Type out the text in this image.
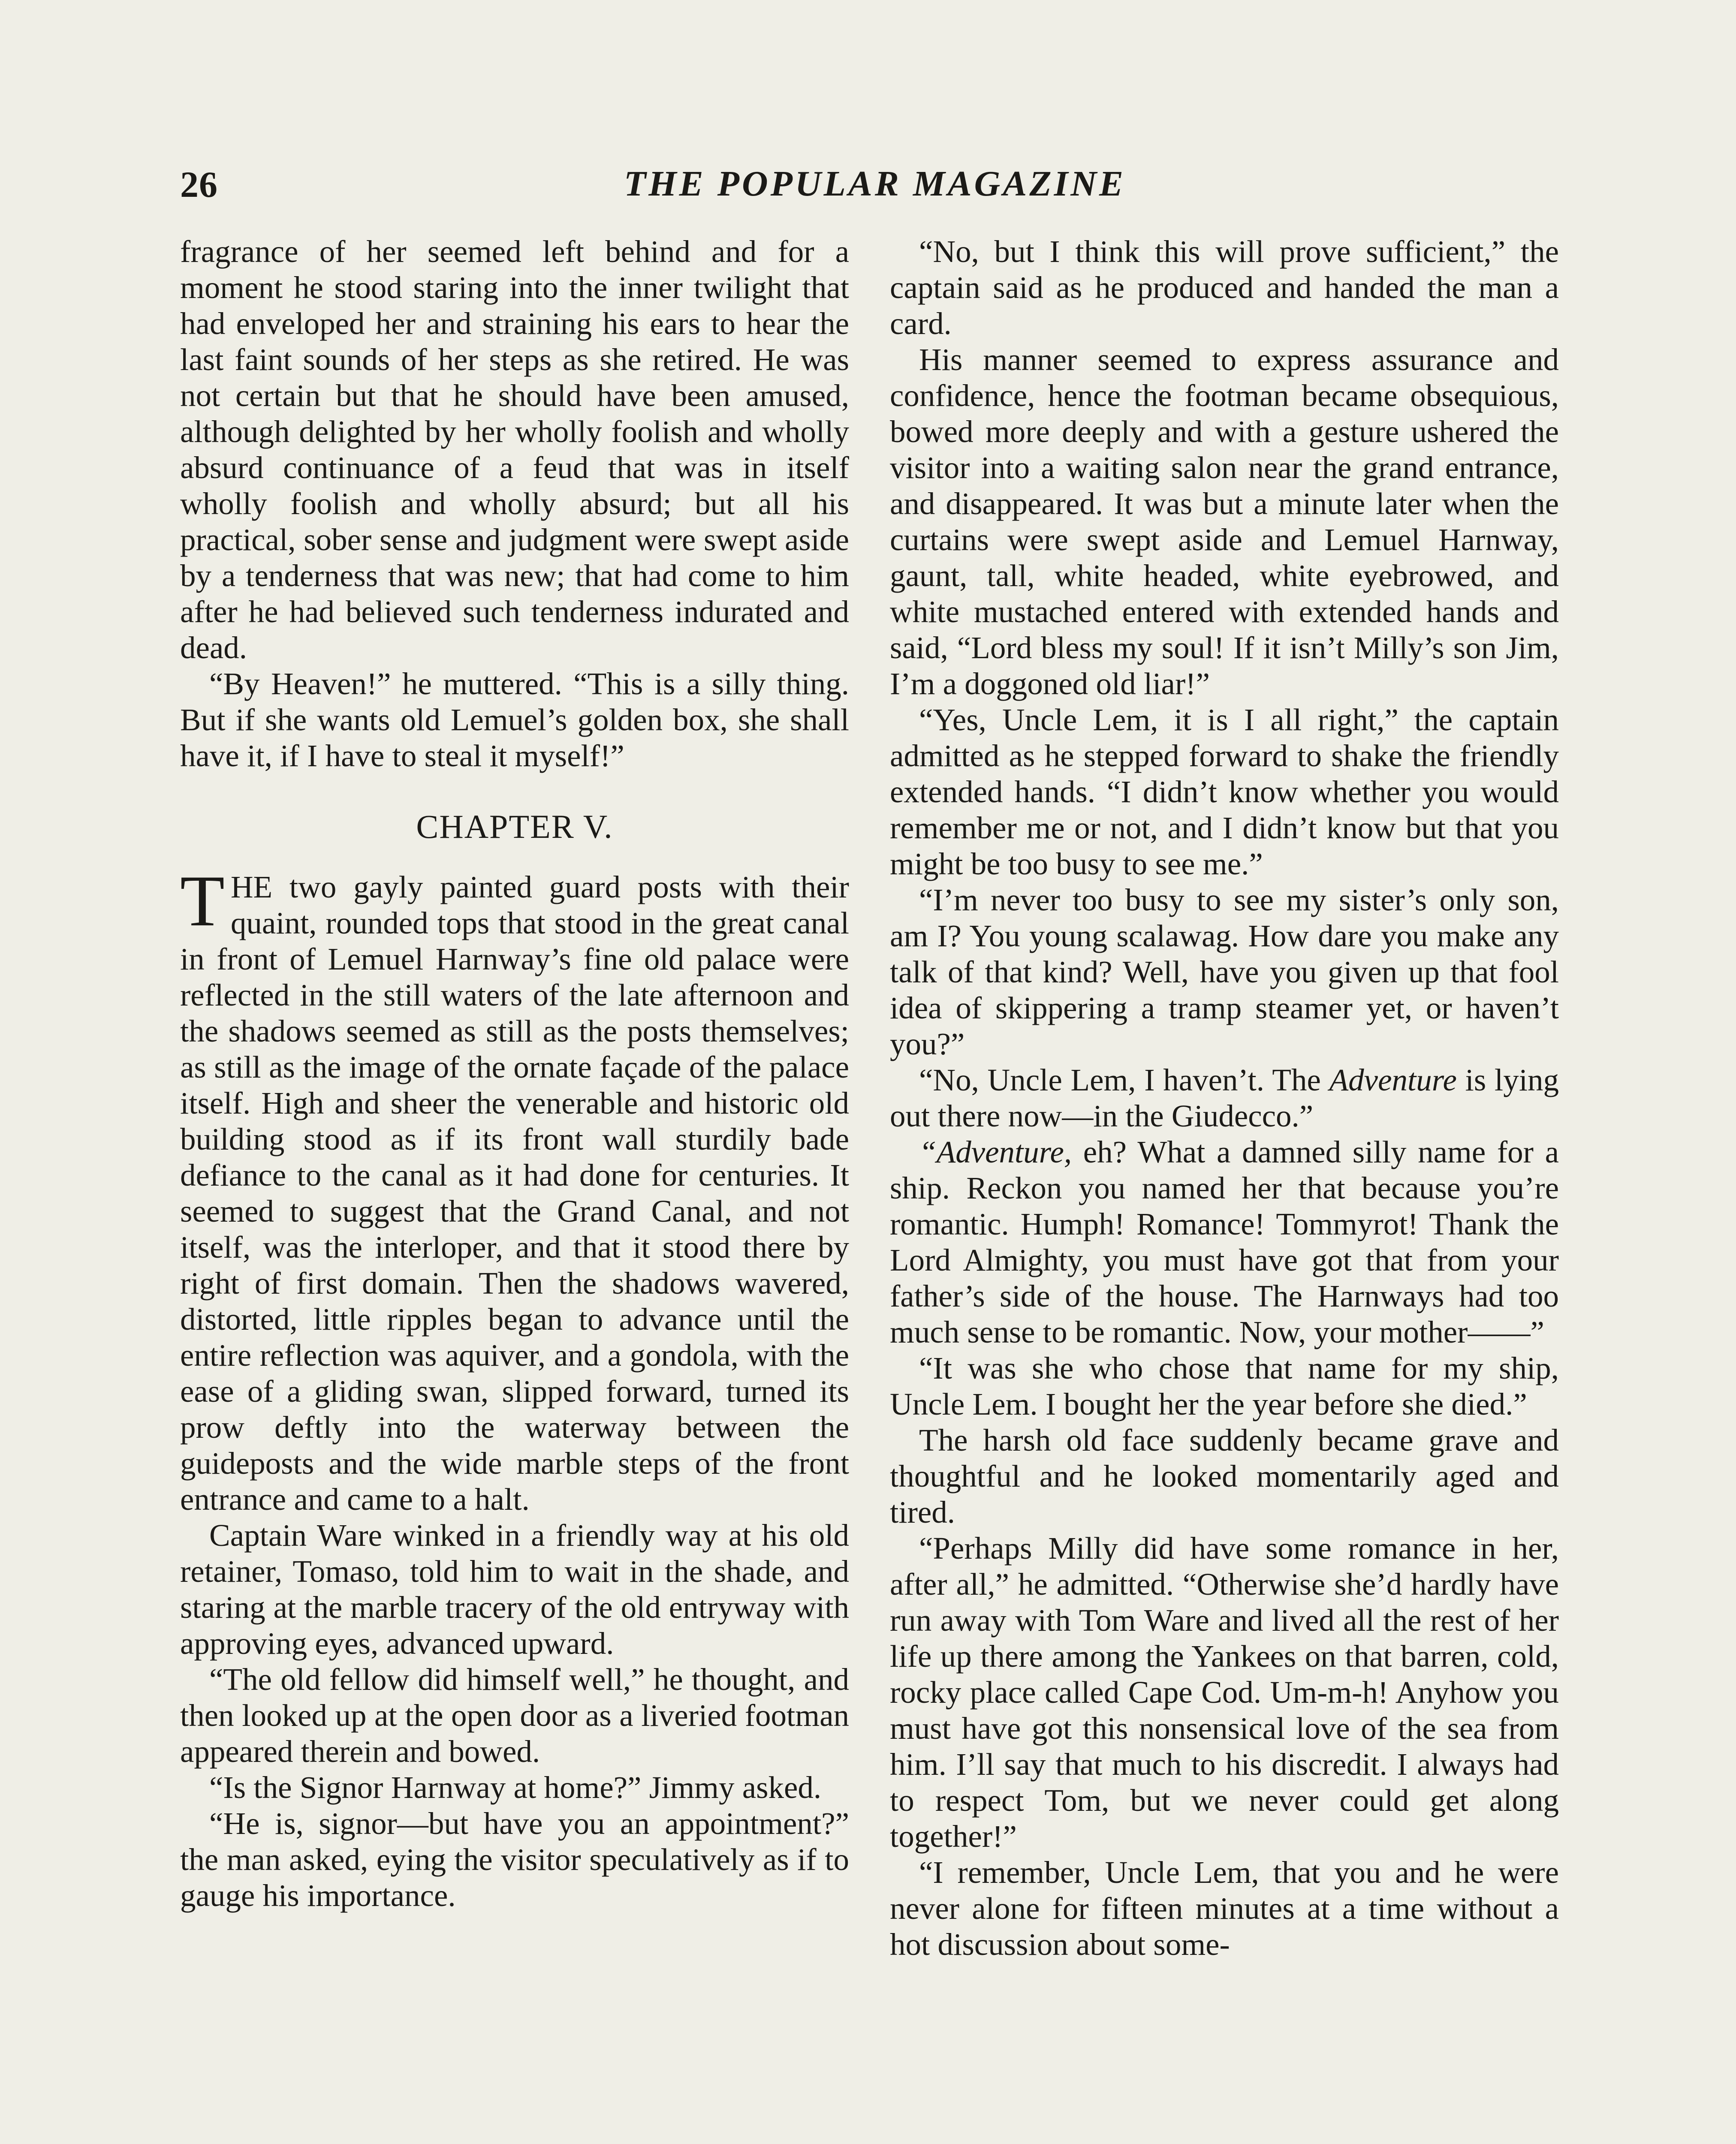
26	THE POPULAR MAGAZINE

fragrance of her seemed left behind and for a moment he stood staring into the inner twilight that had enveloped her and straining his ears to hear the last faint sounds of her steps as she retired. He was not certain but that he should have been amused, although delighted by her wholly foolish and wholly absurd continuance of a feud that was in itself wholly foolish and wholly absurd; but all his practical, sober sense and judgment were swept aside by a tenderness that was new; that had come to him after he had believed such tenderness indurated and dead.

“By Heaven!” he muttered. “This is a silly thing. But if she wants old Lemuel’s golden box, she shall have it, if I have to steal it myself!”

CHAPTER V.

THE two gayly painted guard posts with their quaint, rounded tops that stood in the great canal in front of Lemuel Harnway’s fine old palace were reflected in the still waters of the late afternoon and the shadows seemed as still as the posts themselves; as still as the image of the ornate façade of the palace itself. High and sheer the venerable and historic old building stood as if its front wall sturdily bade defiance to the canal as it had done for centuries. It seemed to suggest that the Grand Canal, and not itself, was the interloper, and that it stood there by right of first domain. Then the shadows wavered, distorted, little ripples began to advance until the entire reflection was aquiver, and a gondola, with the ease of a gliding swan, slipped forward, turned its prow deftly into the waterway between the guideposts and the wide marble steps of the front entrance and came to a halt.

Captain Ware winked in a friendly way at his old retainer, Tomaso, told him to wait in the shade, and staring at the marble tracery of the old entryway with approving eyes, advanced upward.

“The old fellow did himself well,” he thought, and then looked up at the open door as a liveried footman appeared therein and bowed.

“Is the Signor Harnway at home?” Jimmy asked.

“He is, signor—but have you an appointment?” the man asked, eying the visitor speculatively as if to gauge his importance.

“No, but I think this will prove sufficient,” the captain said as he produced and handed the man a card.

His manner seemed to express assurance and confidence, hence the footman became obsequious, bowed more deeply and with a gesture ushered the visitor into a waiting salon near the grand entrance, and disappeared. It was but a minute later when the curtains were swept aside and Lemuel Harnway, gaunt, tall, white headed, white eyebrowed, and white mustached entered with extended hands and said, “Lord bless my soul! If it isn’t Milly’s son Jim, I’m a doggoned old liar!”

“Yes, Uncle Lem, it is I all right,” the captain admitted as he stepped forward to shake the friendly extended hands. “I didn’t know whether you would remember me or not, and I didn’t know but that you might be too busy to see me.”

“I’m never too busy to see my sister’s only son, am I? You young scalawag. How dare you make any talk of that kind? Well, have you given up that fool idea of skippering a tramp steamer yet, or haven’t you?”

“No, Uncle Lem, I haven’t. The Adventure is lying out there now—in the Giudecco.”

“Adventure, eh? What a damned silly name for a ship. Reckon you named her that because you’re romantic. Humph! Romance! Tommyrot! Thank the Lord Almighty, you must have got that from your father’s side of the house. The Harnways had too much sense to be romantic. Now, your mother——”

“It was she who chose that name for my ship, Uncle Lem. I bought her the year before she died.”

The harsh old face suddenly became grave and thoughtful and he looked momentarily aged and tired.

“Perhaps Milly did have some romance in her, after all,” he admitted. “Otherwise she’d hardly have run away with Tom Ware and lived all the rest of her life up there among the Yankees on that barren, cold, rocky place called Cape Cod. Um-m-h! Anyhow you must have got this nonsensical love of the sea from him. I’ll say that much to his discredit. I always had to respect Tom, but we never could get along together!”

“I remember, Uncle Lem, that you and he were never alone for fifteen minutes at a time without a hot discussion about some-
